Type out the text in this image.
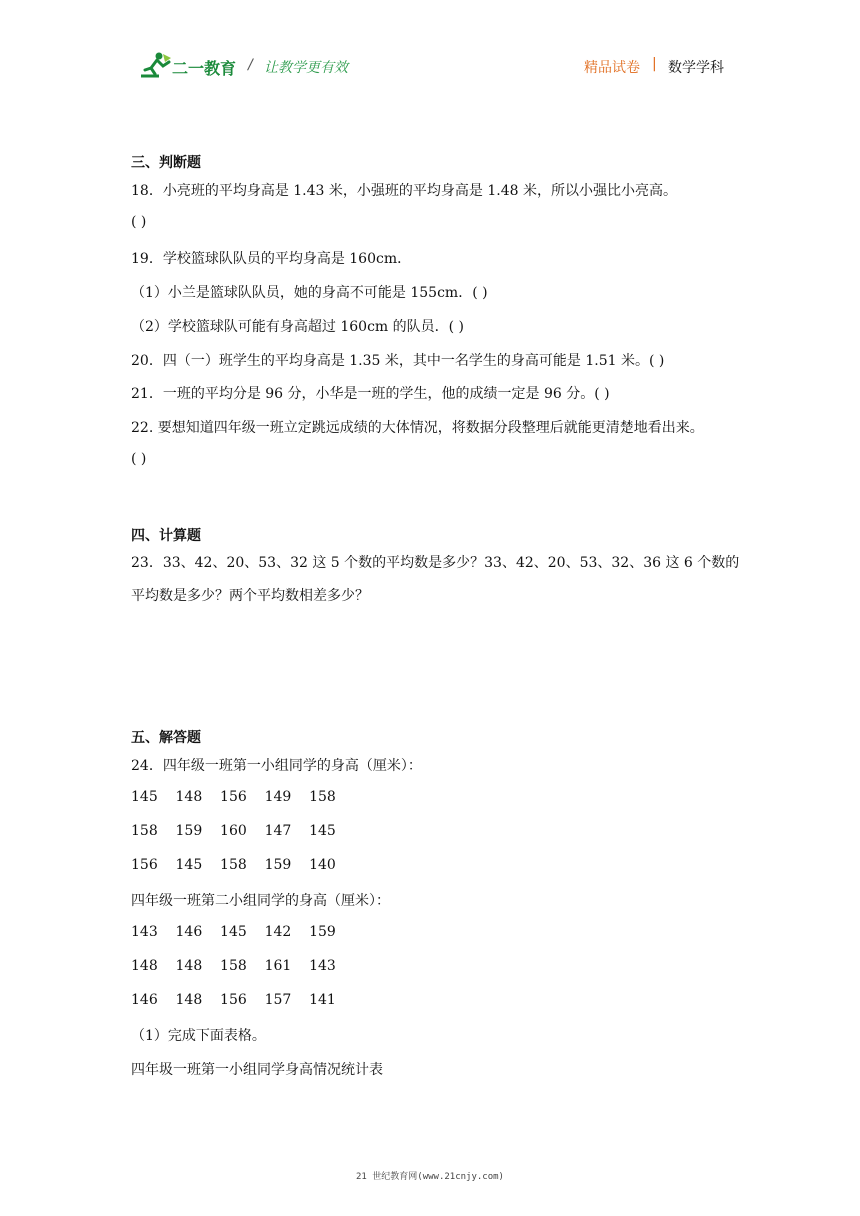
二一教育 / 让教学更有效	精品试卷 | 数学学科
三、判断题
18．小亮班的平均身高是 1.43 米，小强班的平均身高是 1.48 米，所以小强比小亮高。
( )
19．学校篮球队队员的平均身高是 160cm．
（1）小兰是篮球队队员，她的身高不可能是 155cm．( )
（2）学校篮球队可能有身高超过 160cm 的队员．( )
20．四（一）班学生的平均身高是 1.35 米，其中一名学生的身高可能是 1.51 米。( )
21．一班的平均分是 96 分，小华是一班的学生，他的成绩一定是 96 分。( )
22. 要想知道四年级一班立定跳远成绩的大体情况，将数据分段整理后就能更清楚地看出来。
( )
四、计算题
23．33、42、20、53、32 这 5 个数的平均数是多少？33、42、20、53、32、36 这 6 个数的
平均数是多少？两个平均数相差多少？
五、解答题
24．四年级一班第一小组同学的身高（厘米）：
145    148    156    149    158
158    159    160    147    145
156    145    158    159    140
四年级一班第二小组同学的身高（厘米）：
143    146    145    142    159
148    148    158    161    143
146    148    156    157    141
（1）完成下面表格。
四年圾一班第一小组同学身高情况统计表
21 世纪教育网(www.21cnjy.com)
